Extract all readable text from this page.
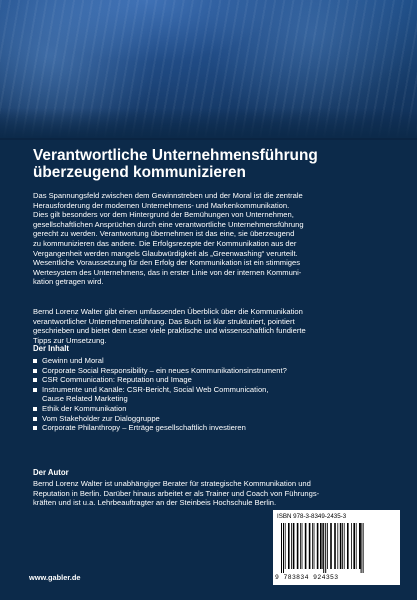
Verantwortliche Unternehmensführung
überzeugend kommunizieren
Das Spannungsfeld zwischen dem Gewinnstreben und der Moral ist die zentrale
Herausforderung der modernen Unternehmens- und Markenkommunikation.
Dies gilt besonders vor dem Hintergrund der Bemühungen von Unternehmen,
gesellschaftlichen Ansprüchen durch eine verantwortliche Unternehmensführung
gerecht zu werden. Verantwortung übernehmen ist das eine, sie überzeugend
zu kommunizieren das andere. Die Erfolgsrezepte der Kommunikation aus der
Vergangenheit werden mangels Glaubwürdigkeit als „Greenwashing“ verurteilt.
Wesentliche Voraussetzung für den Erfolg der Kommunikation ist ein stimmiges
Wertesystem des Unternehmens, das in erster Linie von der internen Kommuni-
kation getragen wird.
Bernd Lorenz Walter gibt einen umfassenden Überblick über die Kommunikation
verantwortlicher Unternehmensführung. Das Buch ist klar strukturiert, pointiert
geschrieben und bietet dem Leser viele praktische und wissenschaftlich fundierte
Tipps zur Umsetzung.
Der Inhalt
Gewinn und Moral
Corporate Social Responsibility – ein neues Kommunikationsinstrument?
CSR Communication: Reputation und Image
Instrumente und Kanäle: CSR-Bericht, Social Web Communication,
Cause Related Marketing
Ethik der Kommunikation
Vom Stakeholder zur Dialoggruppe
Corporate Philanthropy – Erträge gesellschaftlich investieren
Der Autor
Bernd Lorenz Walter ist unabhängiger Berater für strategische Kommunikation und
Reputation in Berlin. Darüber hinaus arbeitet er als Trainer und Coach von Führungs-
kräften und ist u.a. Lehrbeauftragter an der Steinbeis Hochschule Berlin.
ISBN 978-3-8349-2435-3
9 783834 924353
www.gabler.de
